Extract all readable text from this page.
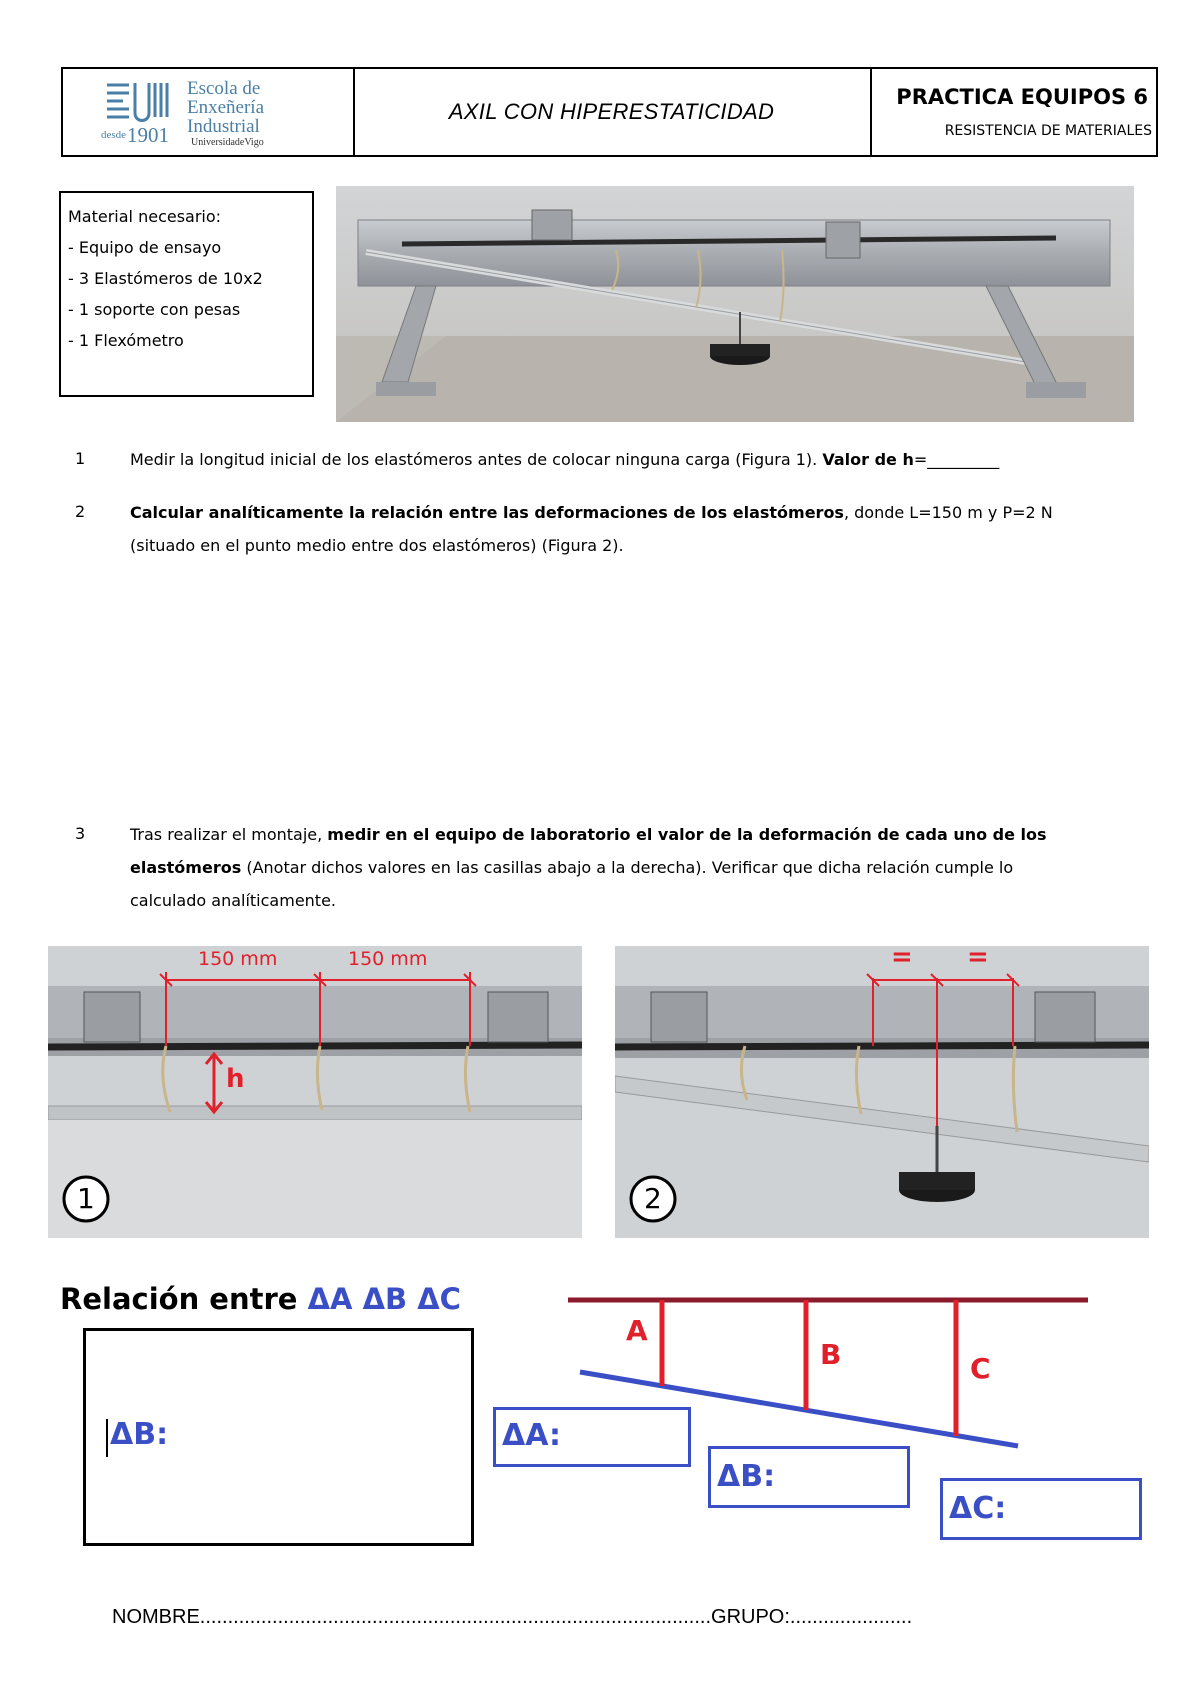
Escola de
Enxeñería
Industrial
desde 1901 UniversidadeVigo
AXIL CON HIPERESTATICIDAD
PRACTICA EQUIPOS 6
RESISTENCIA DE MATERIALES
Material necesario:
- Equipo de ensayo
- 3 Elastómeros de 10x2
- 1 soporte con pesas
- 1 Flexómetro
1	Medir la longitud inicial de los elastómeros antes de colocar ninguna carga (Figura 1). Valor de h=_________
2	Calcular analíticamente la relación entre las deformaciones de los elastómeros, donde L=150 m y P=2 N
(situado en el punto medio entre dos elastómeros) (Figura 2).
3	Tras realizar el montaje, medir en el equipo de laboratorio el valor de la deformación de cada uno de los
elastómeros (Anotar dichos valores en las casillas abajo a la derecha). Verificar que dicha relación cumple lo
calculado analíticamente.
150 mm	150 mm
h
1
= =
2
Relación entre ΔA ΔB ΔC
ΔB:
A
B	C
ΔA:
ΔB:
ΔC:
NOMBRE............................................................................................GRUPO:......................
